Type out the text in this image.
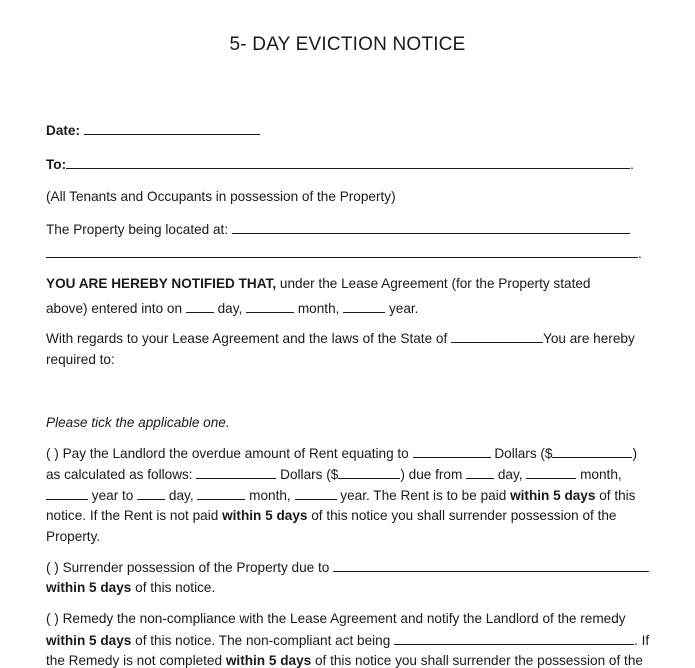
5- DAY EVICTION NOTICE
Date:
To:	.
(All Tenants and Occupants in possession of the Property)
The Property being located at:
.
YOU ARE HEREBY NOTIFIED THAT, under the Lease Agreement (for the Property stated
above) entered into on	day,	month,	year.
With regards to your Lease Agreement and the laws of the State of	You are hereby
required to:
Please tick the applicable one.
( ) Pay the Landlord the overdue amount of Rent equating to	Dollars ($	)
as calculated as follows:	Dollars ($	) due from	day,	month,
year to	day,	month,	year. The Rent is to be paid within 5 days of this
notice. If the Rent is not paid within 5 days of this notice you shall surrender possession of the
Property.
( ) Surrender possession of the Property due to
within 5 days of this notice.
( ) Remedy the non-compliance with the Lease Agreement and notify the Landlord of the remedy
within 5 days of this notice. The non-compliant act being	. If
the Remedy is not completed within 5 days of this notice you shall surrender the possession of the
